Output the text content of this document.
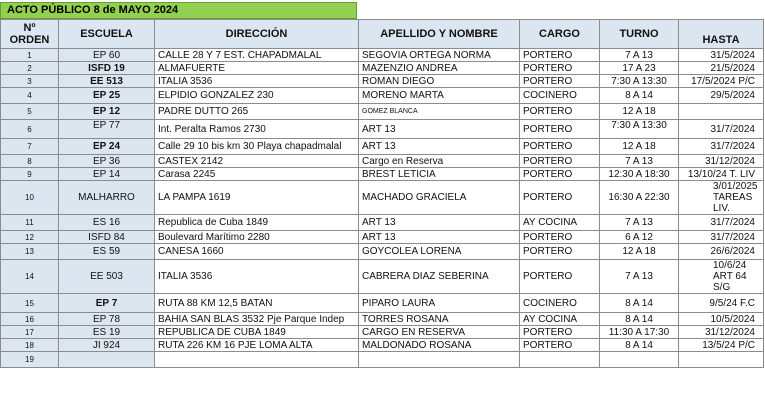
ACTO PÚBLICO 8 de MAYO 2024
Nº ORDEN	ESCUELA	DIRECCIÓN	APELLIDO Y NOMBRE	CARGO	TURNO	HASTA
1	EP 60	CALLE 28 Y 7 EST. CHAPADMALAL	SEGOVIA ORTEGA NORMA	PORTERO	7 A 13	31/5/2024
2	ISFD 19	ALMAFUERTE	MAZENZIO ANDREA	PORTERO	17 A 23	21/5/2024
3	EE 513	ITALIA 3536	ROMAN DIEGO	PORTERO	7:30 A 13:30	17/5/2024 P/C
4	EP 25	ELPIDIO GONZALEZ 230	MORENO MARTA	COCINERO	8 A 14	29/5/2024
5	EP 12	PADRE DUTTO 265	GOMEZ BLANCA	PORTERO	12 A 18	
6	EP 77	Int. Peralta Ramos 2730	ART 13	PORTERO	7:30 A 13:30	31/7/2024
7	EP 24	Calle 29 10 bis km 30 Playa chapadmalal	ART 13	PORTERO	12 A 18	31/7/2024
8	EP 36	CASTEX 2142	Cargo en Reserva	PORTERO	7 A 13	31/12/2024
9	EP 14	Carasa 2245	BREST LETICIA	PORTERO	12:30 A 18:30	13/10/24 T. LIV
10	MALHARRO	LA PAMPA 1619	MACHADO GRACIELA	PORTERO	16:30 A 22:30	3/01/2025 TAREAS LIV.
11	ES 16	Republica de Cuba 1849	ART 13	AY COCINA	7 A 13	31/7/2024
12	ISFD 84	Boulevard Marítimo 2280	ART 13	PORTERO	6 A 12	31/7/2024
13	ES 59	CANESA 1660	GOYCOLEA LORENA	PORTERO	12 A 18	26/6/2024
14	EE 503	ITALIA 3536	CABRERA DIAZ SEBERINA	PORTERO	7 A 13	10/6/24 ART 64 S/G
15	EP 7	RUTA 88 KM 12,5 BATAN	PIPARO LAURA	COCINERO	8 A 14	9/5/24 F.C
16	EP 78	BAHIA SAN BLAS 3532 Pje Parque Indep	TORRES ROSANA	AY COCINA	8 A 14	10/5/2024
17	ES 19	REPUBLICA DE CUBA 1849	CARGO EN RESERVA	PORTERO	11:30 A 17:30	31/12/2024
18	JI 924	RUTA 226 KM 16 PJE LOMA ALTA	MALDONADO ROSANA	PORTERO	8 A 14	13/5/24 P/C
19						
